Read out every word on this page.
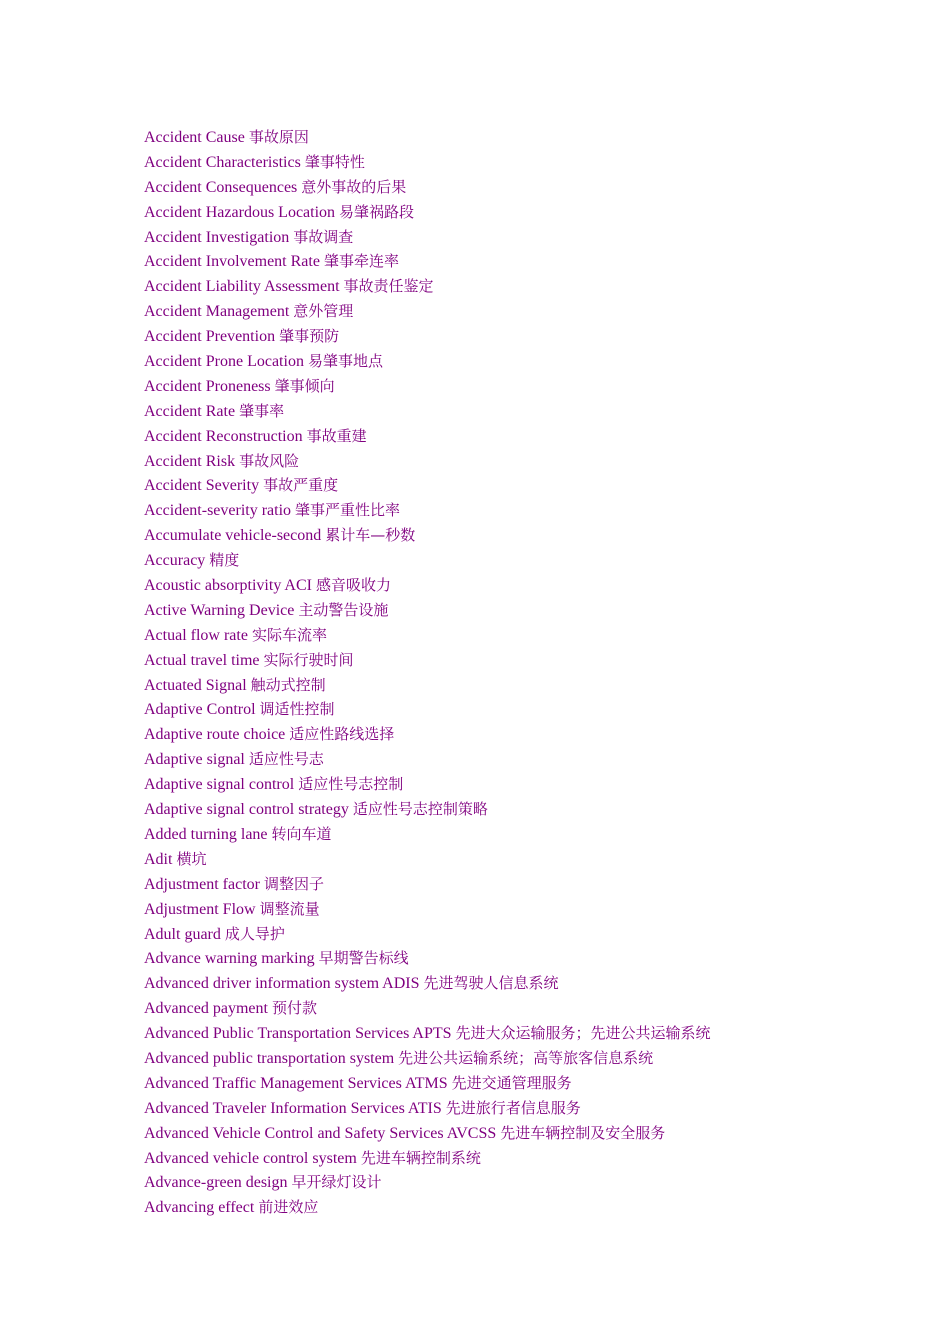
Accident Cause 事故原因
Accident Characteristics 肇事特性
Accident Consequences 意外事故的后果
Accident Hazardous Location 易肇祸路段
Accident Investigation 事故调查
Accident Involvement Rate 肇事牵连率
Accident Liability Assessment 事故责任鉴定
Accident Management 意外管理
Accident Prevention 肇事预防
Accident Prone Location 易肇事地点
Accident Proneness 肇事倾向
Accident Rate 肇事率
Accident Reconstruction 事故重建
Accident Risk 事故风险
Accident Severity 事故严重度
Accident-severity ratio 肇事严重性比率
Accumulate vehicle-second 累计车—秒数
Accuracy 精度
Acoustic absorptivity ACI 感音吸收力
Active Warning Device 主动警告设施
Actual flow rate 实际车流率
Actual travel time 实际行驶时间
Actuated Signal 触动式控制
Adaptive Control 调适性控制
Adaptive route choice 适应性路线选择
Adaptive signal 适应性号志
Adaptive signal control 适应性号志控制
Adaptive signal control strategy 适应性号志控制策略
Added turning lane 转向车道
Adit 横坑
Adjustment factor 调整因子
Adjustment Flow 调整流量
Adult guard 成人导护
Advance warning marking 早期警告标线
Advanced driver information system ADIS 先进驾驶人信息系统
Advanced payment 预付款
Advanced Public Transportation Services APTS 先进大众运输服务；先进公共运输系统
Advanced public transportation system 先进公共运输系统；高等旅客信息系统
Advanced Traffic Management Services ATMS 先进交通管理服务
Advanced Traveler Information Services ATIS 先进旅行者信息服务
Advanced Vehicle Control and Safety Services AVCSS 先进车辆控制及安全服务
Advanced vehicle control system 先进车辆控制系统
Advance-green design 早开绿灯设计
Advancing effect 前进效应
